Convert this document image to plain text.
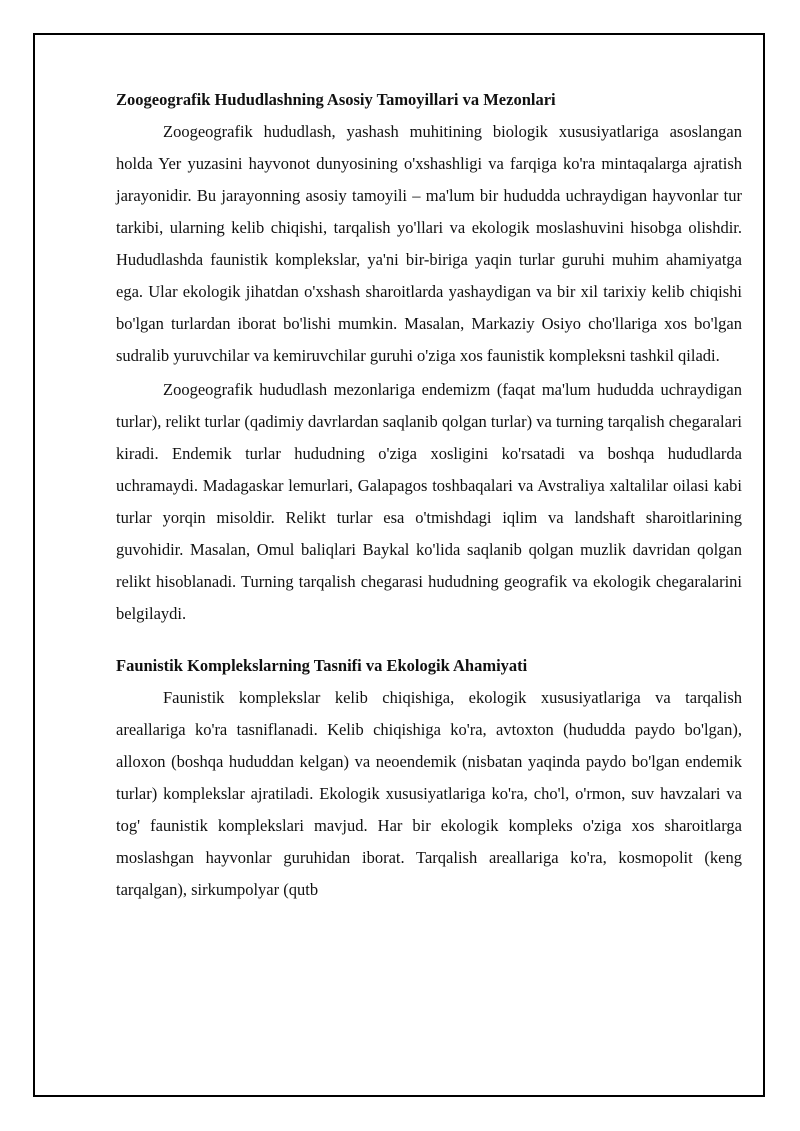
Zoogeografik Hududlashning Asosiy Tamoyillari va Mezonlari

Zoogeografik hududlash, yashash muhitining biologik xususiyatlariga asoslangan holda Yer yuzasini hayvonot dunyosining o'xshashligi va farqiga ko'ra mintaqalarga ajratish jarayonidir. Bu jarayonning asosiy tamoyili – ma'lum bir hududda uchraydigan hayvonlar tur tarkibi, ularning kelib chiqishi, tarqalish yo'llari va ekologik moslashuvini hisobga olishdir. Hududlashda faunistik komplekslar, ya'ni bir-biriga yaqin turlar guruhi muhim ahamiyatga ega. Ular ekologik jihatdan o'xshash sharoitlarda yashaydigan va bir xil tarixiy kelib chiqishi bo'lgan turlardan iborat bo'lishi mumkin. Masalan, Markaziy Osiyo cho'llariga xos bo'lgan sudralib yuruvchilar va kemiruvchilar guruhi o'ziga xos faunistik kompleksni tashkil qiladi.

Zoogeografik hududlash mezonlariga endemizm (faqat ma'lum hududda uchraydigan turlar), relikt turlar (qadimiy davrlardan saqlanib qolgan turlar) va turning tarqalish chegaralari kiradi. Endemik turlar hududning o'ziga xosligini ko'rsatadi va boshqa hududlarda uchramaydi. Madagaskar lemurlari, Galapagos toshbaqalari va Avstraliya xaltalilar oilasi kabi turlar yorqin misoldir. Relikt turlar esa o'tmishdagi iqlim va landshaft sharoitlarining guvohidir. Masalan, Omul baliqlari Baykal ko'lida saqlanib qolgan muzlik davridan qolgan relikt hisoblanadi. Turning tarqalish chegarasi hududning geografik va ekologik chegaralarini belgilaydi.

Faunistik Komplekslarning Tasnifi va Ekologik Ahamiyati

Faunistik komplekslar kelib chiqishiga, ekologik xususiyatlariga va tarqalish areallariga ko'ra tasniflanadi. Kelib chiqishiga ko'ra, avtoxton (hududda paydo bo'lgan), alloxon (boshqa hududdan kelgan) va neoendemik (nisbatan yaqinda paydo bo'lgan endemik turlar) komplekslar ajratiladi. Ekologik xususiyatlariga ko'ra, cho'l, o'rmon, suv havzalari va tog' faunistik komplekslari mavjud. Har bir ekologik kompleks o'ziga xos sharoitlarga moslashgan hayvonlar guruhidan iborat. Tarqalish areallariga ko'ra, kosmopolit (keng tarqalgan), sirkumpolyar (qutb
